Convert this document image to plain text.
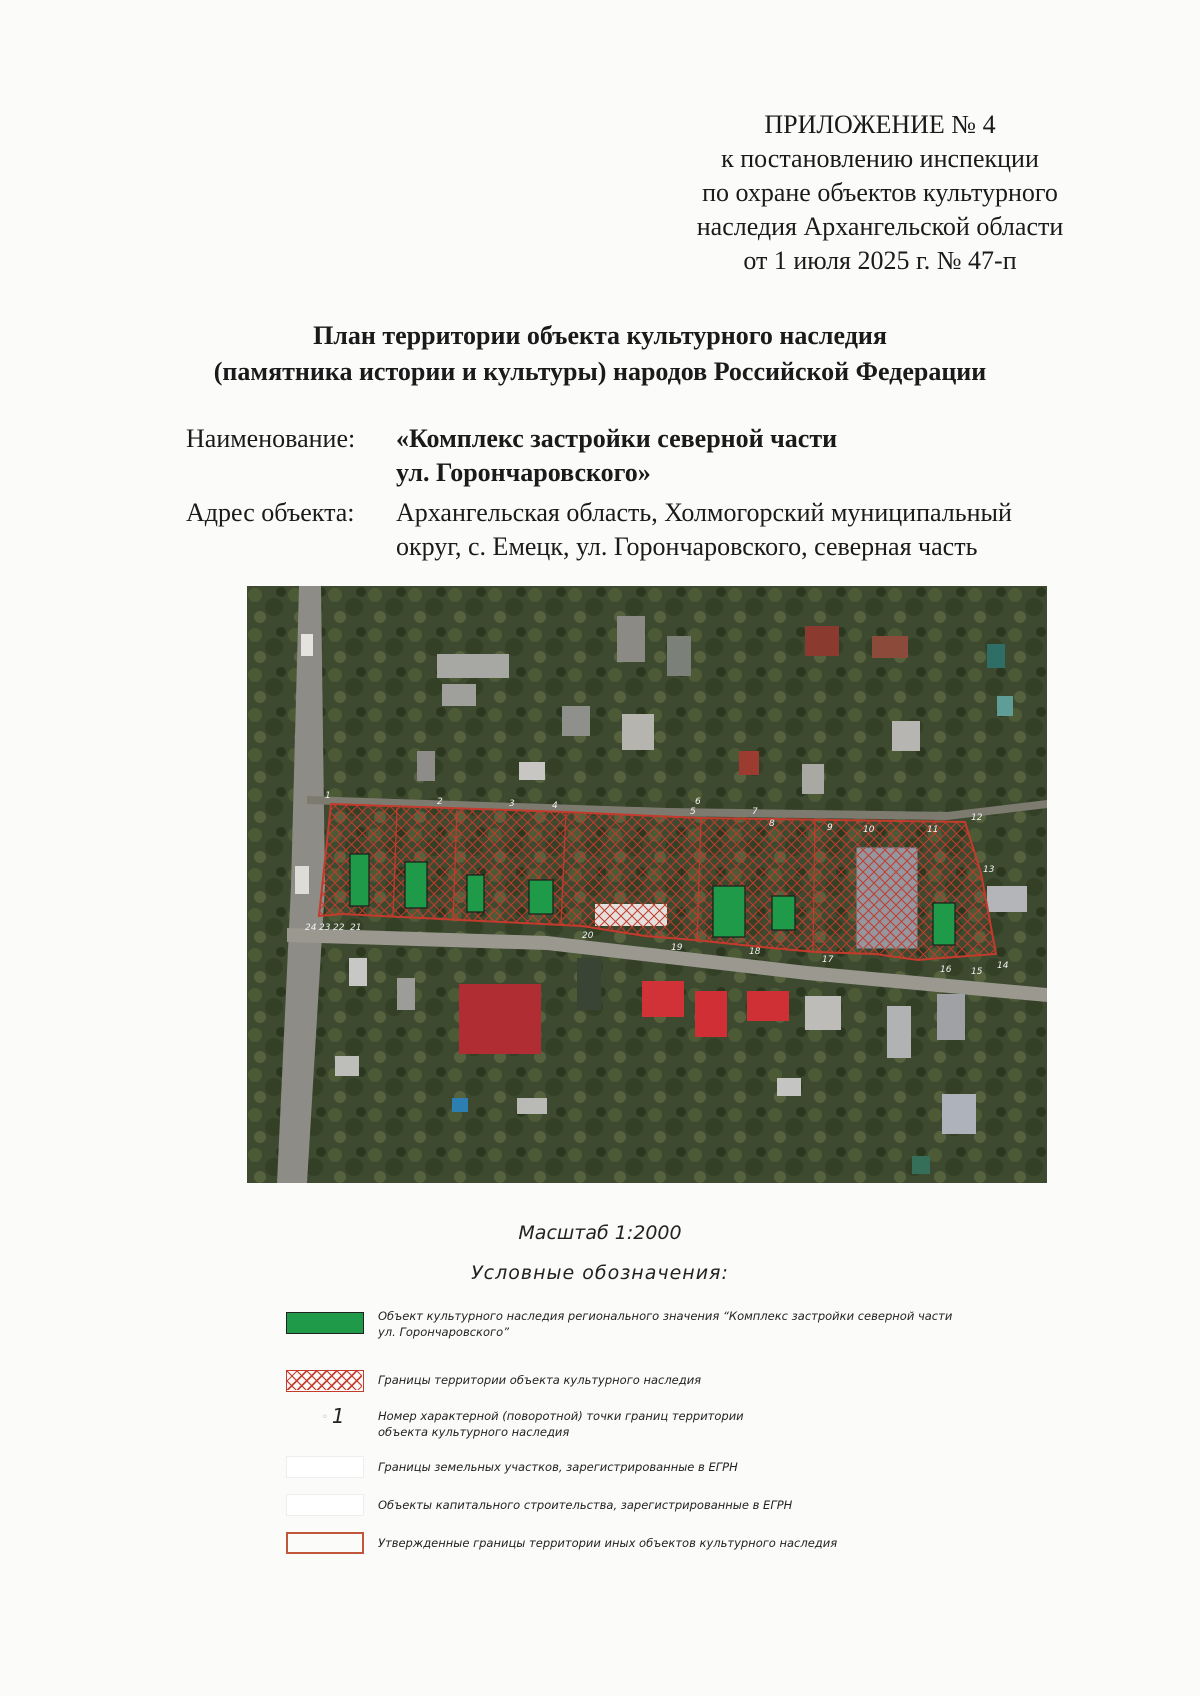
ПРИЛОЖЕНИЕ № 4
к постановлению инспекции
по охране объектов культурного
наследия Архангельской области
от 1 июля 2025 г. № 47-п
План территории объекта культурного наследия
(памятника истории и культуры) народов Российской Федерации
Наименование: «Комплекс застройки северной части
ул. Горончаровского»
Адрес объекта: Архангельская область, Холмогорский муниципальный
округ, с. Емецк, ул. Горончаровского, северная часть
1
2	3	4
5
6
7
8	9	10	11
12
13
14
15
16
17
18
19
20
21
22
23
24
Масштаб 1:2000
Условные обозначения:
Объект культурного наследия регионального значения “Комплекс застройки северной части
ул. Горончаровского”
Границы территории объекта культурного наследия
◦ 1	Номер характерной (поворотной) точки границ территории
объекта культурного наследия
Границы земельных участков, зарегистрированные в ЕГРН
Объекты капитального строительства, зарегистрированные в ЕГРН
Утвержденные границы территории иных объектов культурного наследия
